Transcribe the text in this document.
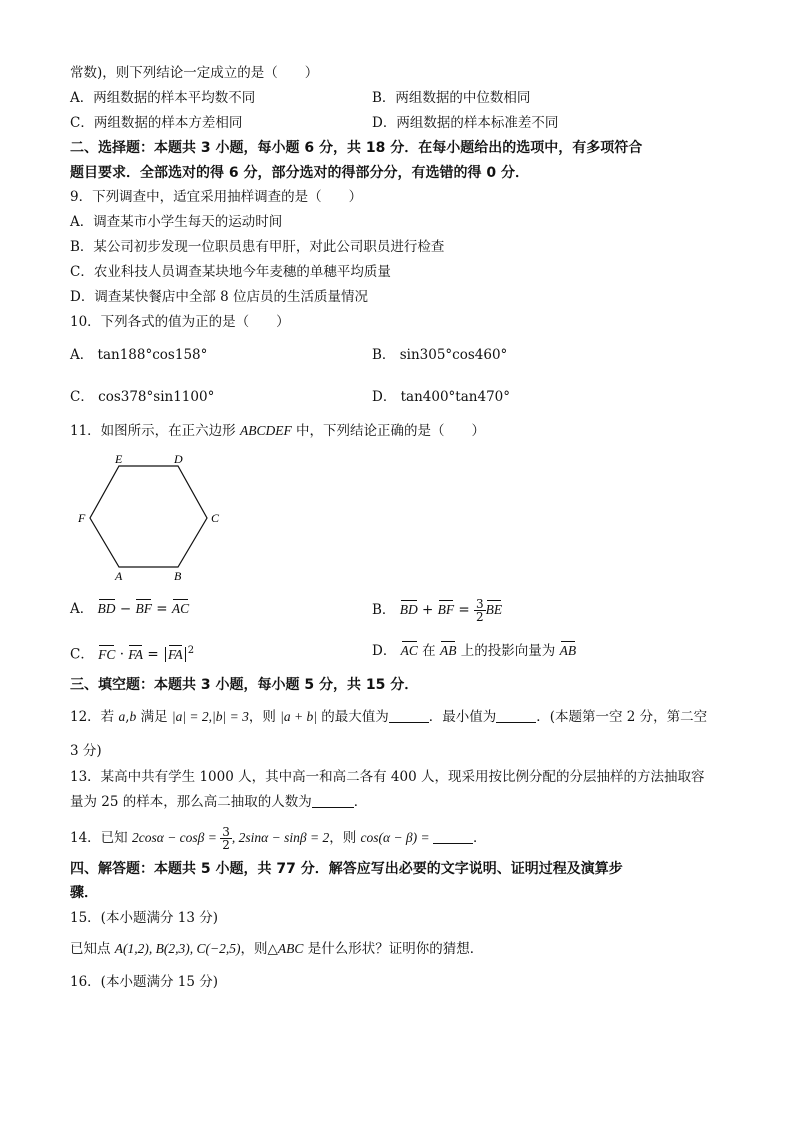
常数)，则下列结论一定成立的是（　　）
A．两组数据的样本平均数不同	B．两组数据的中位数相同
C．两组数据的样本方差相同	D．两组数据的样本标准差不同
二、选择题：本题共 3 小题，每小题 6 分，共 18 分．在每小题给出的选项中，有多项符合
题目要求．全部选对的得 6 分，部分选对的得部分分，有选错的得 0 分．
9．下列调查中，适宜采用抽样调查的是（　　）
A．调查某市小学生每天的运动时间
B．某公司初步发现一位职员患有甲肝，对此公司职员进行检查
C．农业科技人员调查某块地今年麦穗的单穗平均质量
D．调查某快餐店中全部 8 位店员的生活质量情况
10．下列各式的值为正的是（　　）
A． tan188°cos158°	B． sin305°cos460°
C． cos378°sin1100°	D． tan400°tan470°
11．如图所示，在正六边形 ABCDEF 中，下列结论正确的是（　　）
E	D
C
F
A	B
A． BD − BF = AC	B． BD + BF = $\frac{3}{2}$ BE
C． FC · FA = FA $^2$	D． AC 在 AB 上的投影向量为 AB
三、填空题：本题共 3 小题，每小题 5 分，共 15 分．
12．若 a,b 满足 |a| = 2,|b| = 3，则 |a + b| 的最大值为	．最小值为	．(本题第一空 2 分，第二空
3 分)
13．某高中共有学生 1000 人，其中高一和高二各有 400 人，现采用按比例分配的分层抽样的方法抽取容
量为 25 的样本，那么高二抽取的人数为	．
14．已知 $2\cos\alpha - \cos\beta = \frac{3}{2}$ , 2sinα − sinβ = 2，则 cos(α − β) =	．
四、解答题：本题共 5 小题，共 77 分．解答应写出必要的文字说明、证明过程及演算步
骤．
15．(本小题满分 13 分)
已知点 A(1,2), B(2,3), C(−2,5)，则△ABC 是什么形状？证明你的猜想．
16．(本小题满分 15 分)
